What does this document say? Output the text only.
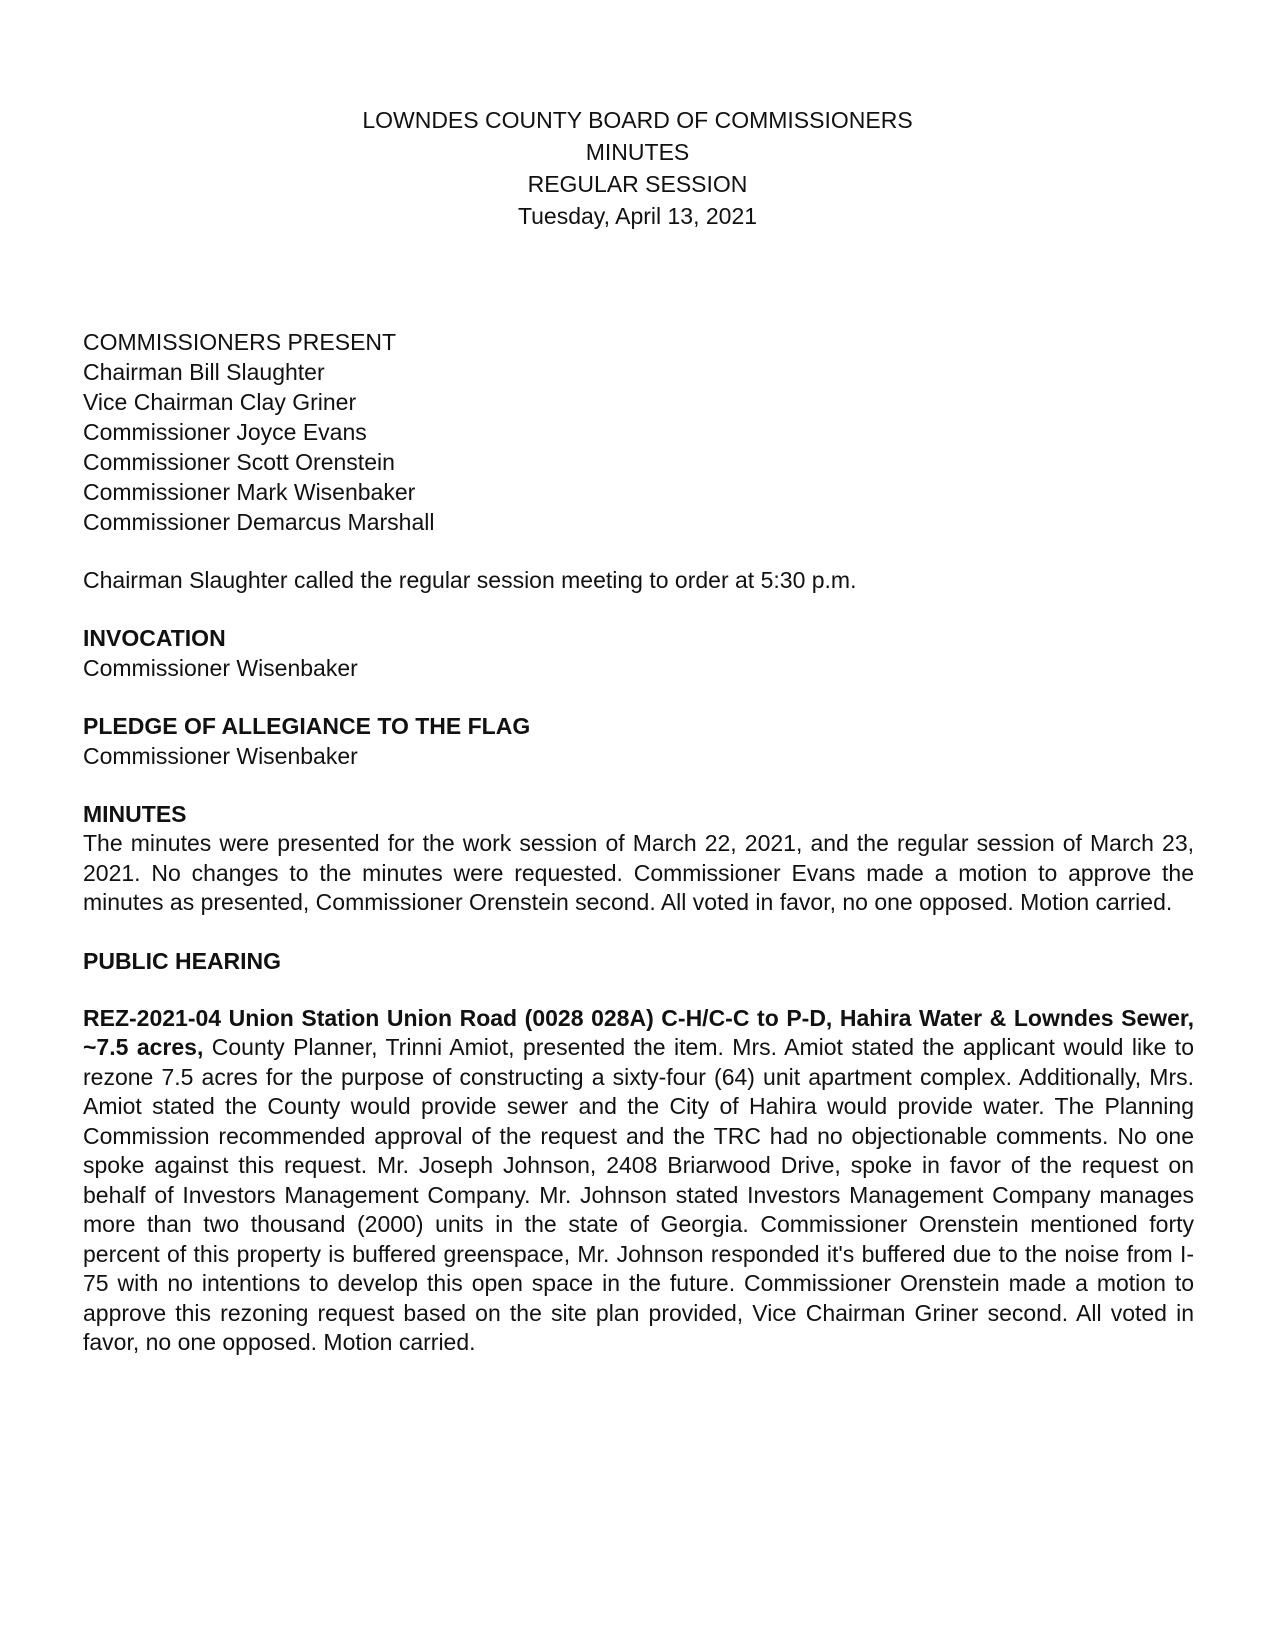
LOWNDES COUNTY BOARD OF COMMISSIONERS
MINUTES
REGULAR SESSION
Tuesday, April 13, 2021
COMMISSIONERS PRESENT
Chairman Bill Slaughter
Vice Chairman Clay Griner
Commissioner Joyce Evans
Commissioner Scott Orenstein
Commissioner Mark Wisenbaker
Commissioner Demarcus Marshall
Chairman Slaughter called the regular session meeting to order at 5:30 p.m.
INVOCATION
Commissioner Wisenbaker
PLEDGE OF ALLEGIANCE TO THE FLAG
Commissioner Wisenbaker
MINUTES

The minutes were presented for the work session of March 22, 2021, and the regular session of March 23, 2021. No changes to the minutes were requested. Commissioner Evans made a motion to approve the minutes as presented, Commissioner Orenstein second. All voted in favor, no one opposed. Motion carried.

PUBLIC HEARING

REZ-2021-04 Union Station Union Road (0028 028A) C-H/C-C to P-D, Hahira Water & Lowndes Sewer, ~7.5 acres, County Planner, Trinni Amiot, presented the item. Mrs. Amiot stated the applicant would like to rezone 7.5 acres for the purpose of constructing a sixty-four (64) unit apartment complex. Additionally, Mrs. Amiot stated the County would provide sewer and the City of Hahira would provide water. The Planning Commission recommended approval of the request and the TRC had no objectionable comments. No one spoke against this request. Mr. Joseph Johnson, 2408 Briarwood Drive, spoke in favor of the request on behalf of Investors Management Company. Mr. Johnson stated Investors Management Company manages more than two thousand (2000) units in the state of Georgia. Commissioner Orenstein mentioned forty percent of this property is buffered greenspace, Mr. Johnson responded it's buffered due to the noise from I-75 with no intentions to develop this open space in the future. Commissioner Orenstein made a motion to approve this rezoning request based on the site plan provided, Vice Chairman Griner second. All voted in favor, no one opposed. Motion carried.
